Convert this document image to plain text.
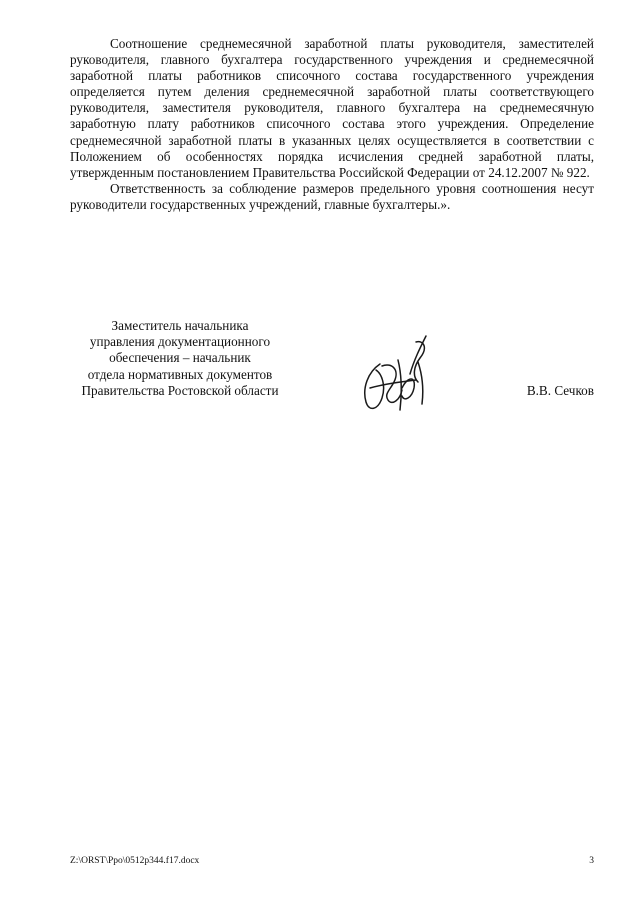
Соотношение среднемесячной заработной платы руководителя, заместителей руководителя, главного бухгалтера государственного учреждения и среднемесячной заработной платы работников списочного состава государственного учреждения определяется путем деления среднемесячной заработной платы соответствующего руководителя, заместителя руководителя, главного бухгалтера на среднемесячную заработную плату работников списочного состава этого учреждения. Определение среднемесячной заработной платы в указанных целях осуществляется в соответствии с Положением об особенностях порядка исчисления средней заработной платы, утвержденным постановлением Правительства Российской Федерации от 24.12.2007 № 922.

Ответственность за соблюдение размеров предельного уровня соотношения несут руководители государственных учреждений, главные бухгалтеры.».

Заместитель начальника
управления документационного
обеспечения – начальник
отдела нормативных документов
Правительства Ростовской области	В.В. Сечков
Z:\ORST\Ppo\0512p344.f17.docx	3
